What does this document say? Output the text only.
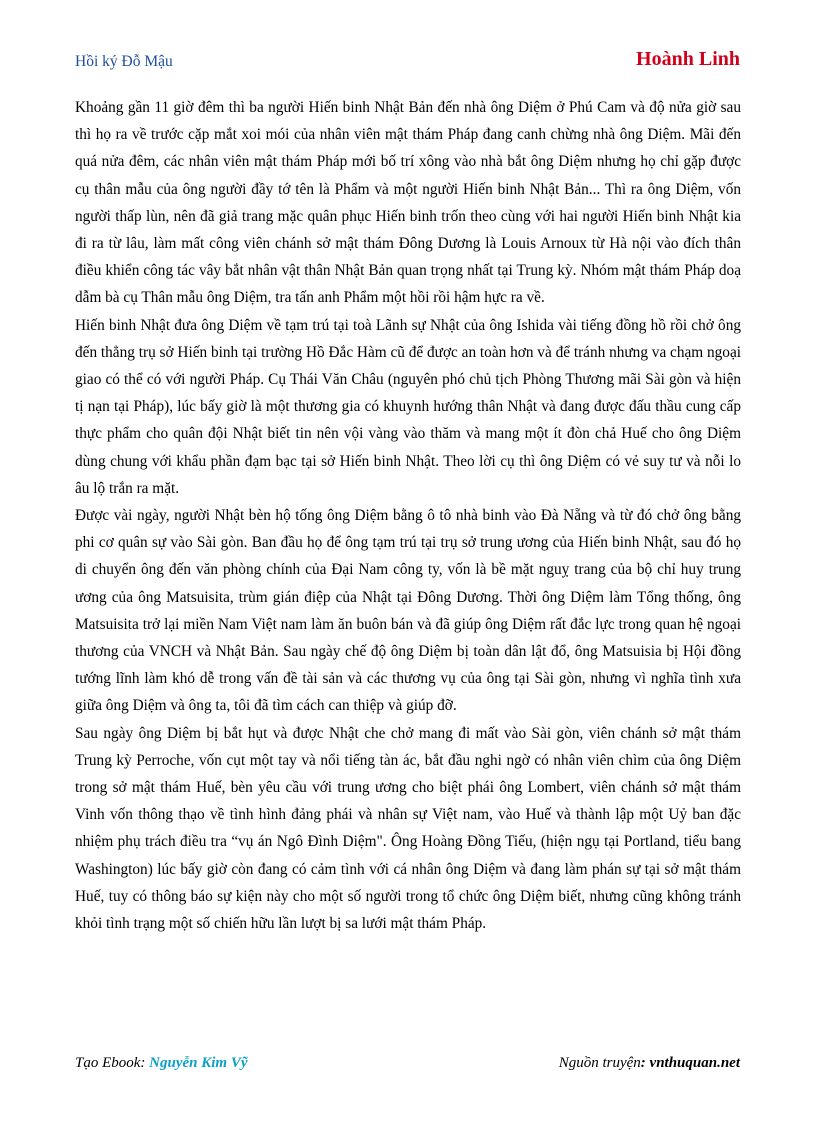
Hồi ký Đỗ Mậu	Hoành Linh

Khoảng gần 11 giờ đêm thì ba người Hiến binh Nhật Bản đến nhà ông Diệm ở Phú Cam và độ nửa giờ sau thì họ ra về trước cặp mắt xoi mói của nhân viên mật thám Pháp đang canh chừng nhà ông Diệm. Mãi đến quá nửa đêm, các nhân viên mật thám Pháp mới bố trí xông vào nhà bắt ông Diệm nhưng họ chỉ gặp được cụ thân mẫu của ông người đầy tớ tên là Phẩm và một người Hiến binh Nhật Bản... Thì ra ông Diệm, vốn người thấp lùn, nên đã giả trang mặc quân phục Hiến binh trốn theo cùng với hai người Hiến binh Nhật kia đi ra từ lâu, làm mất công viên chánh sở mật thám Đông Dương là Louis Arnoux từ Hà nội vào đích thân điều khiển công tác vây bắt nhân vật thân Nhật Bản quan trọng nhất tại Trung kỳ. Nhóm mật thám Pháp doạ dẫm bà cụ Thân mẫu ông Diệm, tra tấn anh Phẩm một hồi rồi hậm hực ra về.

Hiến binh Nhật đưa ông Diệm về tạm trú tại toà Lãnh sự Nhật của ông Ishida vài tiếng đồng hồ rồi chở ông đến thẳng trụ sở Hiến binh tại trường Hồ Đắc Hàm cũ để được an toàn hơn và để tránh nhưng va chạm ngoại giao có thể có với người Pháp. Cụ Thái Văn Châu (nguyên phó chủ tịch Phòng Thương mãi Sài gòn và hiện tị nạn tại Pháp), lúc bấy giờ là một thương gia có khuynh hướng thân Nhật và đang được đấu thầu cung cấp thực phẩm cho quân đội Nhật biết tin nên vội vàng vào thăm và mang một ít đòn chả Huế cho ông Diệm dùng chung với khẩu phần đạm bạc tại sở Hiến binh Nhật. Theo lời cụ thì ông Diệm có vẻ suy tư và nỗi lo âu lộ trắn ra mặt.

Được vài ngày, người Nhật bèn hộ tống ông Diệm bằng ô tô nhà binh vào Đà Nẵng và từ đó chở ông bằng phi cơ quân sự vào Sài gòn. Ban đầu họ để ông tạm trú tại trụ sở trung ương của Hiến binh Nhật, sau đó họ di chuyển ông đến văn phòng chính của Đại Nam công ty, vốn là bề mặt nguỵ trang của bộ chỉ huy trung ương của ông Matsuisita, trùm gián điệp của Nhật tại Đông Dương. Thời ông Diệm làm Tổng thống, ông Matsuisita trở lại miền Nam Việt nam làm ăn buôn bán và đã giúp ông Diệm rất đắc lực trong quan hệ ngoại thương của VNCH và Nhật Bản. Sau ngày chế độ ông Diệm bị toàn dân lật đổ, ông Matsuisia bị Hội đồng tướng lĩnh làm khó dễ trong vấn đề tài sản và các thương vụ của ông tại Sài gòn, nhưng vì nghĩa tình xưa giữa ông Diệm và ông ta, tôi đã tìm cách can thiệp và giúp đỡ.

Sau ngày ông Diệm bị bắt hụt và được Nhật che chở mang đi mất vào Sài gòn, viên chánh sở mật thám Trung kỳ Perroche, vốn cụt một tay và nổi tiếng tàn ác, bắt đầu nghi ngờ có nhân viên chìm của ông Diệm trong sở mật thám Huế, bèn yêu cầu với trung ương cho biệt phái ông Lombert, viên chánh sở mật thám Vinh vốn thông thạo về tình hình đảng phái và nhân sự Việt nam, vào Huế và thành lập một Uỷ ban đặc nhiệm phụ trách điều tra “vụ án Ngô Đình Diệm". Ông Hoàng Đồng Tiếu, (hiện ngụ tại Portland, tiểu bang Washington) lúc bấy giờ còn đang có cảm tình với cá nhân ông Diệm và đang làm phán sự tại sở mật thám Huế, tuy có thông báo sự kiện này cho một số người trong tổ chức ông Diệm biết, nhưng cũng không tránh khỏi tình trạng một số chiến hữu lần lượt bị sa lưới mật thám Pháp.

Tạo Ebook: Nguyễn Kim Vỹ	Nguồn truyện: vnthuquan.net
